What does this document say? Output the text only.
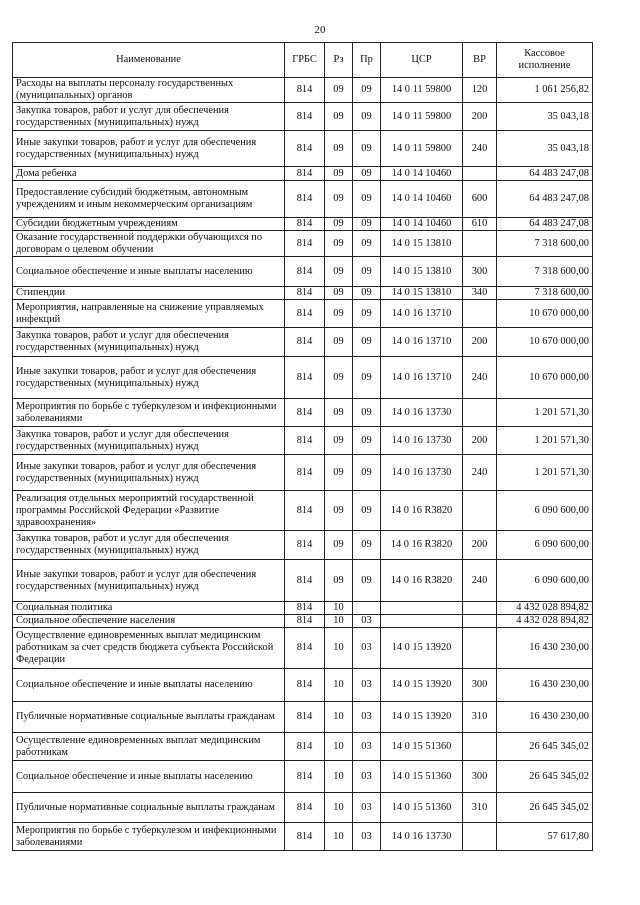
20
Наименование	ГРБС	Рз	Пр	ЦСР	ВР	Кассовое исполнение
Расходы на выплаты персоналу государственных (муниципальных) органов	814	09	09	14 0 11 59800	120	1 061 256,82
Закупка товаров, работ и услуг для обеспечения государственных (муниципальных) нужд	814	09	09	14 0 11 59800	200	35 043,18
Иные закупки товаров, работ и услуг для обеспечения государственных (муниципальных) нужд	814	09	09	14 0 11 59800	240	35 043,18
Дома ребенка	814	09	09	14 0 14 10460		64 483 247,08
Предоставление субсидий бюджетным, автономным учреждениям и иным некоммерческим организациям	814	09	09	14 0 14 10460	600	64 483 247,08
Субсидии бюджетным учреждениям	814	09	09	14 0 14 10460	610	64 483 247,08
Оказание государственной поддержки обучающихся по договорам о целевом обучении	814	09	09	14 0 15 13810		7 318 600,00
Социальное обеспечение и иные выплаты населению	814	09	09	14 0 15 13810	300	7 318 600,00
Стипендии	814	09	09	14 0 15 13810	340	7 318 600,00
Мероприятия, направленные на снижение управляемых инфекций	814	09	09	14 0 16 13710		10 670 000,00
Закупка товаров, работ и услуг для обеспечения государственных (муниципальных) нужд	814	09	09	14 0 16 13710	200	10 670 000,00
Иные закупки товаров, работ и услуг для обеспечения государственных (муниципальных) нужд	814	09	09	14 0 16 13710	240	10 670 000,00
Мероприятия по борьбе с туберкулезом и инфекционными заболеваниями	814	09	09	14 0 16 13730		1 201 571,30
Закупка товаров, работ и услуг для обеспечения государственных (муниципальных) нужд	814	09	09	14 0 16 13730	200	1 201 571,30
Иные закупки товаров, работ и услуг для обеспечения государственных (муниципальных) нужд	814	09	09	14 0 16 13730	240	1 201 571,30
Реализация отдельных мероприятий государственной программы Российской Федерации «Развитие здравоохранения»	814	09	09	14 0 16 R3820		6 090 600,00
Закупка товаров, работ и услуг для обеспечения государственных (муниципальных) нужд	814	09	09	14 0 16 R3820	200	6 090 600,00
Иные закупки товаров, работ и услуг для обеспечения государственных (муниципальных) нужд	814	09	09	14 0 16 R3820	240	6 090 600,00
Социальная политика	814	10				4 432 028 894,82
Социальное обеспечение населения	814	10	03			4 432 028 894,82
Осуществление единовременных выплат медицинским работникам за счет средств бюджета субъекта Российской Федерации	814	10	03	14 0 15 13920		16 430 230,00
Социальное обеспечение и иные выплаты населению	814	10	03	14 0 15 13920	300	16 430 230,00
Публичные нормативные социальные выплаты гражданам	814	10	03	14 0 15 13920	310	16 430 230,00
Осуществление единовременных выплат медицинским работникам	814	10	03	14 0 15 51360		26 645 345,02
Социальное обеспечение и иные выплаты населению	814	10	03	14 0 15 51360	300	26 645 345,02
Публичные нормативные социальные выплаты гражданам	814	10	03	14 0 15 51360	310	26 645 345,02
Мероприятия по борьбе с туберкулезом и инфекционными заболеваниями	814	10	03	14 0 16 13730		57 617,80
